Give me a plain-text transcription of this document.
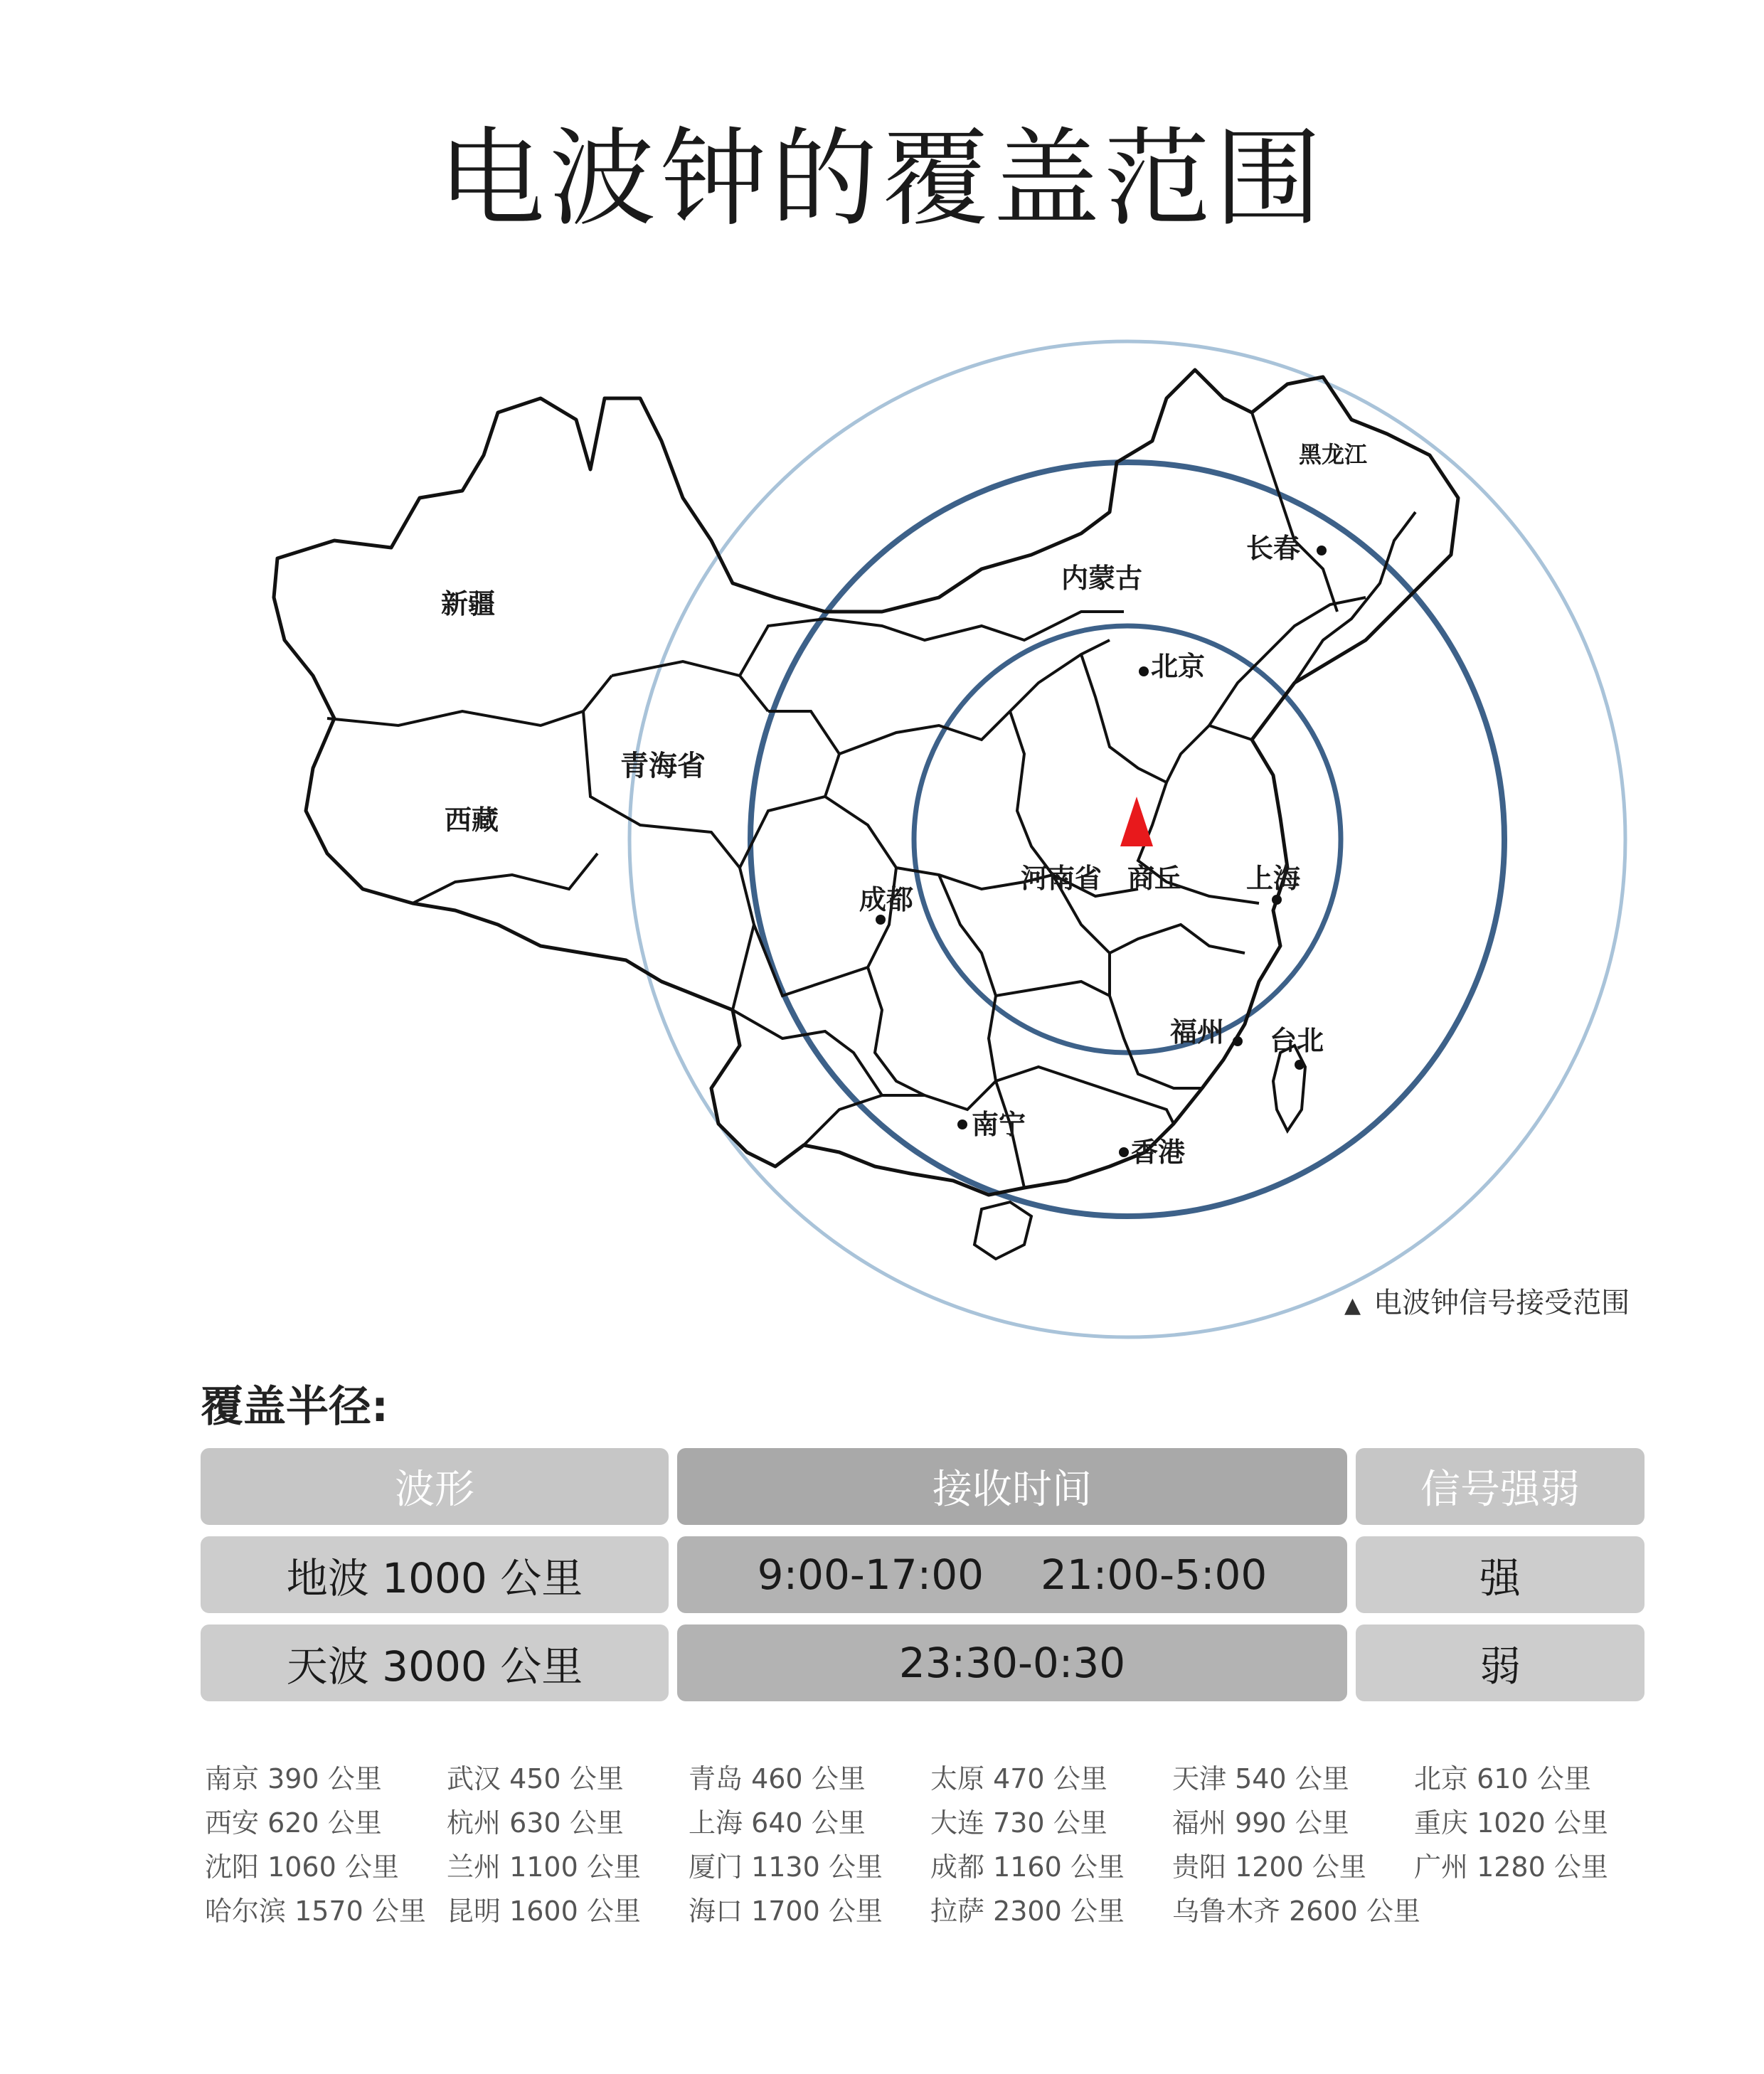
电波钟的覆盖范围
新疆
西藏
青海省
内蒙古
黑龙江
河南省
长春
北京
成都
商丘 上海
福州 台北
南宁
香港
▲ 电波钟信号接受范围
覆盖半径:
波形	接收时间	信号强弱
地波 1000 公里	9:00-17:00 21:00-5:00	强
天波 3000 公里	23:30-0:30	弱
南京 390 公里	武汉 450 公里	青岛 460 公里	太原 470 公里	天津 540 公里	北京 610 公里
西安 620 公里	杭州 630 公里	上海 640 公里	大连 730 公里	福州 990 公里	重庆 1020 公里
沈阳 1060 公里	兰州 1100 公里	厦门 1130 公里	成都 1160 公里	贵阳 1200 公里	广州 1280 公里
哈尔滨 1570 公里 昆明 1600 公里	海口 1700 公里	拉萨 2300 公里	乌鲁木齐 2600 公里
